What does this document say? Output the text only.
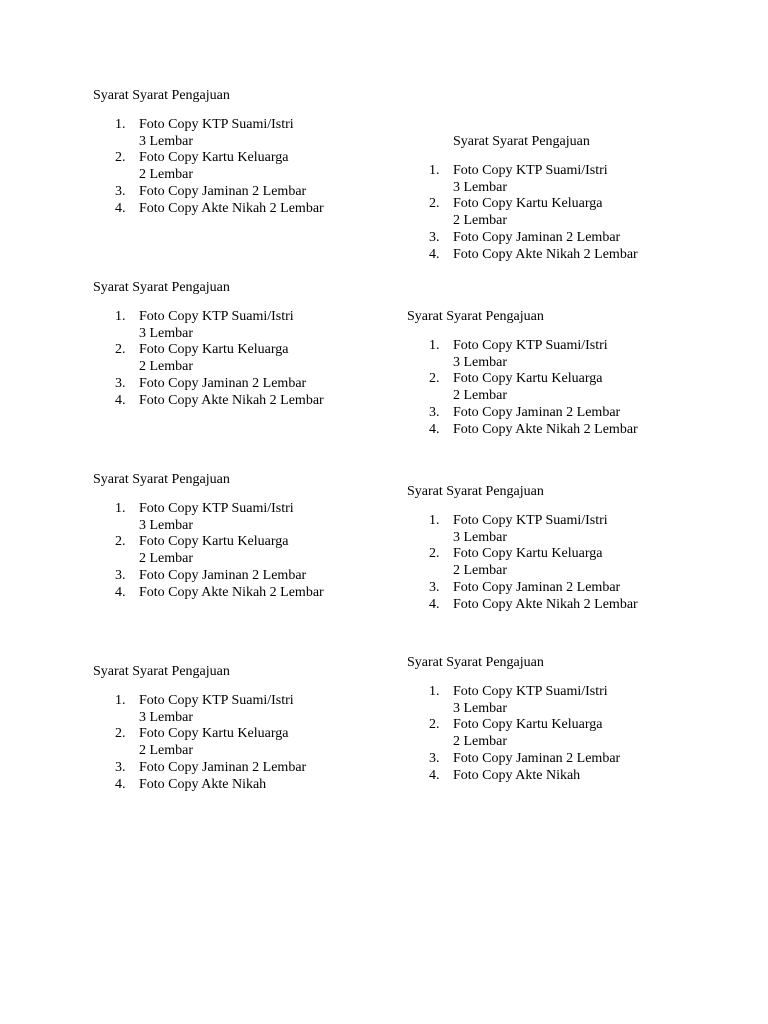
Syarat Syarat Pengajuan

1. Foto Copy KTP Suami/Istri
3 Lembar
2. Foto Copy Kartu Keluarga
2 Lembar
3. Foto Copy Jaminan 2 Lembar
4. Foto Copy Akte Nikah 2 Lembar

Syarat Syarat Pengajuan

1. Foto Copy KTP Suami/Istri
3 Lembar
2. Foto Copy Kartu Keluarga
2 Lembar
3. Foto Copy Jaminan 2 Lembar
4. Foto Copy Akte Nikah 2 Lembar

Syarat Syarat Pengajuan

1. Foto Copy KTP Suami/Istri
3 Lembar
2. Foto Copy Kartu Keluarga
2 Lembar
3. Foto Copy Jaminan 2 Lembar
4. Foto Copy Akte Nikah 2 Lembar

Syarat Syarat Pengajuan

1. Foto Copy KTP Suami/Istri
3 Lembar
2. Foto Copy Kartu Keluarga
2 Lembar
3. Foto Copy Jaminan 2 Lembar
4. Foto Copy Akte Nikah 2 Lembar

Syarat Syarat Pengajuan

1. Foto Copy KTP Suami/Istri
3 Lembar
2. Foto Copy Kartu Keluarga
2 Lembar
3. Foto Copy Jaminan 2 Lembar
4. Foto Copy Akte Nikah 2 Lembar

Syarat Syarat Pengajuan

1. Foto Copy KTP Suami/Istri
3 Lembar
2. Foto Copy Kartu Keluarga
2 Lembar
3. Foto Copy Jaminan 2 Lembar
4. Foto Copy Akte Nikah 2 Lembar

Syarat Syarat Pengajuan

1. Foto Copy KTP Suami/Istri
3 Lembar
2. Foto Copy Kartu Keluarga
2 Lembar
3. Foto Copy Jaminan 2 Lembar
4. Foto Copy Akte Nikah

Syarat Syarat Pengajuan

1. Foto Copy KTP Suami/Istri
3 Lembar
2. Foto Copy Kartu Keluarga
2 Lembar
3. Foto Copy Jaminan 2 Lembar
4. Foto Copy Akte Nikah
